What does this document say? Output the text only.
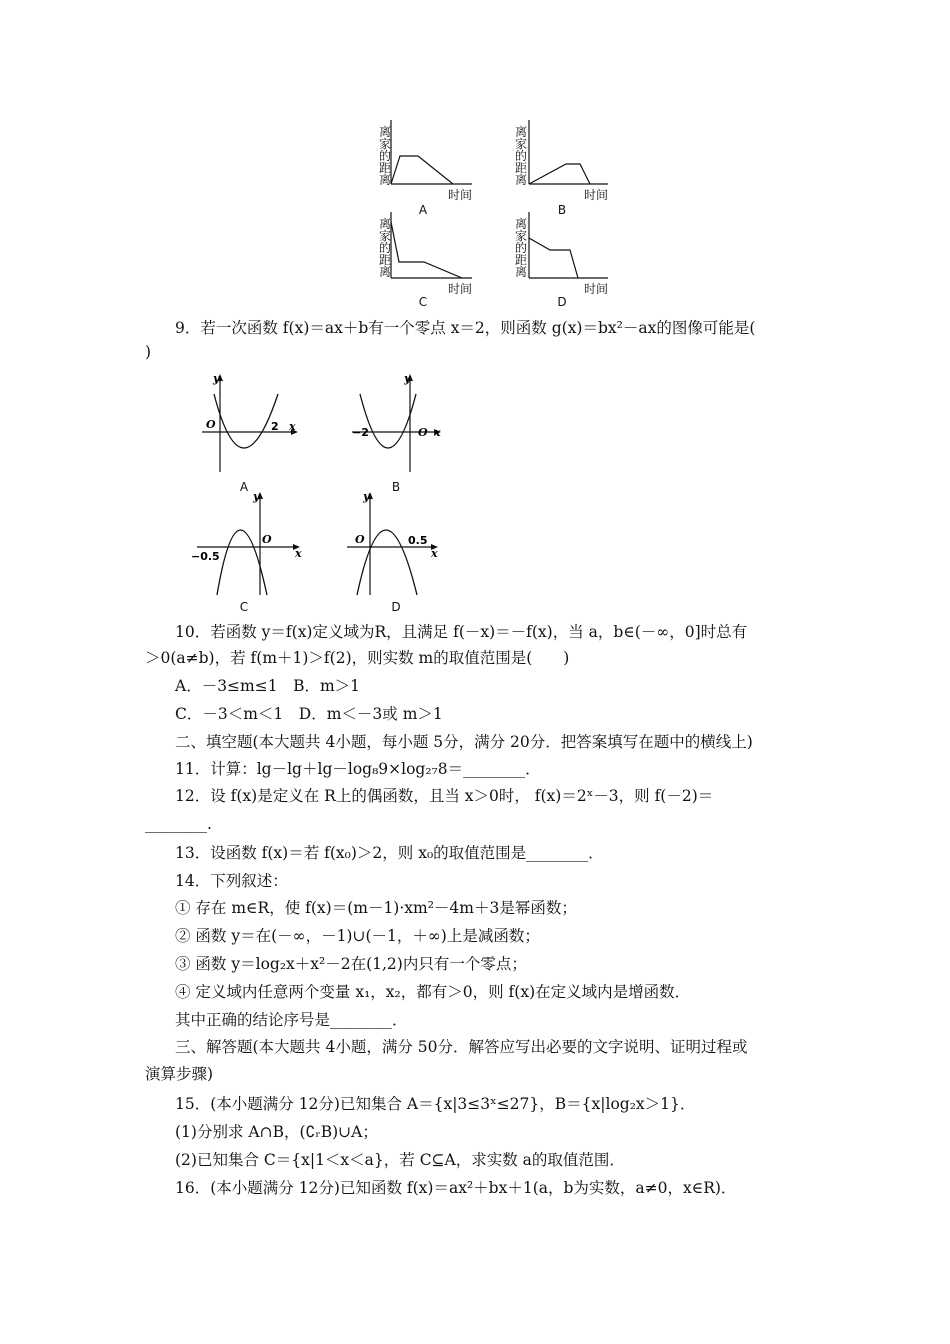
离
家
的
距
离
时间
A
离
家
的
距
离
时间
B
离
家
的
距
离
时间
C
离
家
的
距
离
时间
D
9．若一次函数 f(x)＝ax＋b有一个零点 x＝2，则函数 g(x)＝bx²－ax的图像可能是(
)
y
O	2 x
A
y
O
−2	x
B
y
O
−0.5	x
C
y
O	0.5
x
D
10．若函数 y＝f(x)定义域为R，且满足 f(－x)＝－f(x)，当 a，b∈(－∞，0]时总有
＞0(a≠b)，若 f(m＋1)＞f(2)，则实数 m的取值范围是(　　)
A．－3≤m≤1　B．m＞1
C．－3＜m＜1　D．m＜－3或 m＞1
二、填空题(本大题共 4小题，每小题 5分，满分 20分．把答案填写在题中的横线上)
11．计算：lg－lg＋lg－log₈9×log₂₇8＝________．
12．设 f(x)是定义在 R上的偶函数，且当 x＞0时， f(x)＝2ˣ－3，则 f(－2)＝
________.
13．设函数 f(x)＝若 f(x₀)＞2，则 x₀的取值范围是________．
14．下列叙述：
① 存在 m∈R，使 f(x)＝(m－1)·xm²－4m＋3是幂函数；
② 函数 y＝在(－∞，－1)∪(－1，＋∞)上是减函数；
③ 函数 y＝log₂x＋x²－2在(1,2)内只有一个零点；
④ 定义域内任意两个变量 x₁，x₂，都有＞0，则 f(x)在定义域内是增函数．
其中正确的结论序号是________．
三、解答题(本大题共 4小题，满分 50分．解答应写出必要的文字说明、证明过程或
演算步骤)
15．(本小题满分 12分)已知集合 A＝{x|3≤3ˣ≤27}，B＝{x|log₂x＞1}．
(1)分别求 A∩B，(∁ᵣB)∪A；
(2)已知集合 C＝{x|1＜x＜a}，若 C⊆A，求实数 a的取值范围．
16．(本小题满分 12分)已知函数 f(x)＝ax²＋bx＋1(a，b为实数，a≠0，x∈R)．
